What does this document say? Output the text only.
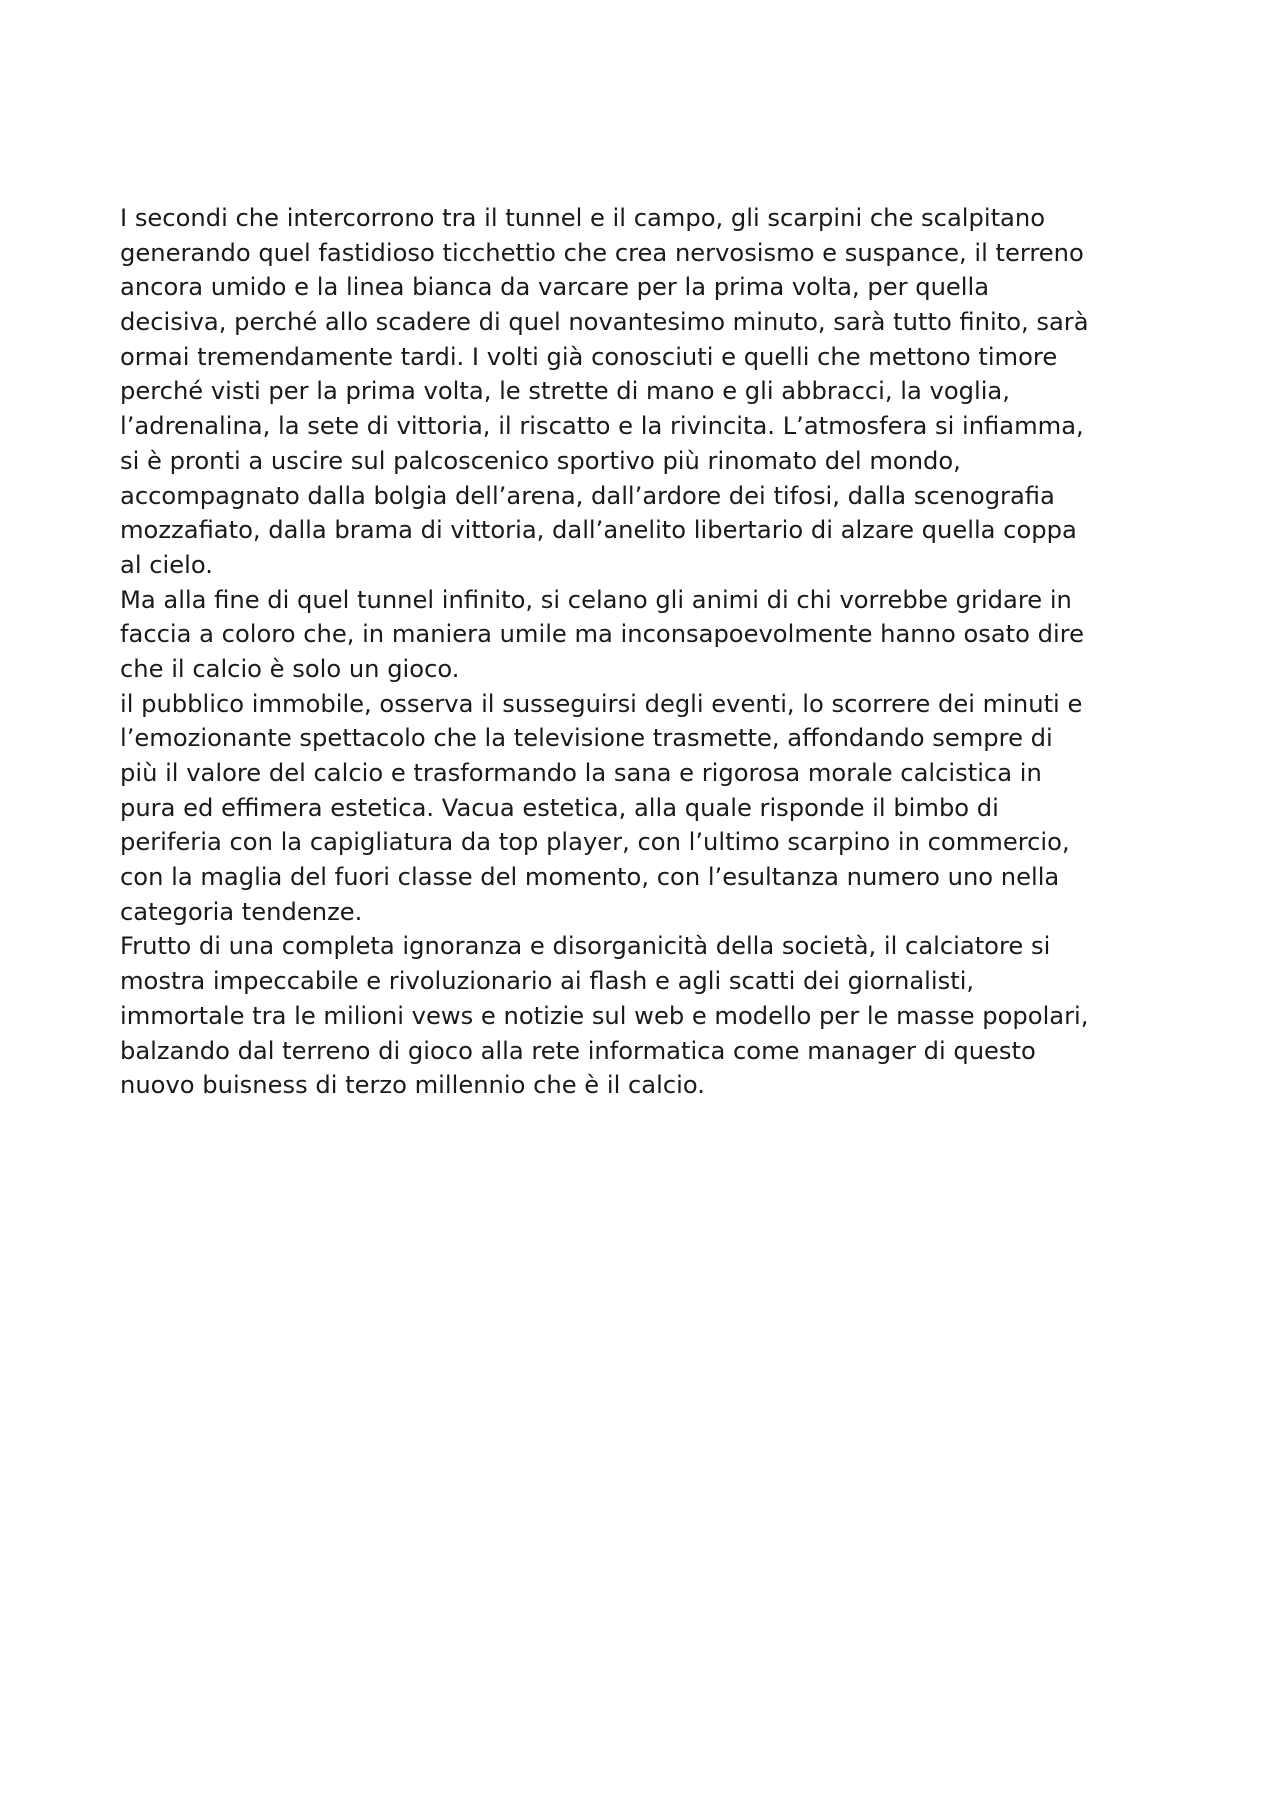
I secondi che intercorrono tra il tunnel e il campo, gli scarpini che scalpitano
generando quel fastidioso ticchettio che crea nervosismo e suspance, il terreno
ancora umido e la linea bianca da varcare per la prima volta, per quella
decisiva, perché allo scadere di quel novantesimo minuto, sarà tutto finito, sarà
ormai tremendamente tardi. I volti già conosciuti e quelli che mettono timore
perché visti per la prima volta, le strette di mano e gli abbracci, la voglia,
l’adrenalina, la sete di vittoria, il riscatto e la rivincita. L’atmosfera si infiamma,
si è pronti a uscire sul palcoscenico sportivo più rinomato del mondo,
accompagnato dalla bolgia dell’arena, dall’ardore dei tifosi, dalla scenografia
mozzafiato, dalla brama di vittoria, dall’anelito libertario di alzare quella coppa
al cielo.
Ma alla fine di quel tunnel infinito, si celano gli animi di chi vorrebbe gridare in
faccia a coloro che, in maniera umile ma inconsapoevolmente hanno osato dire
che il calcio è solo un gioco.
il pubblico immobile, osserva il susseguirsi degli eventi, lo scorrere dei minuti e
l’emozionante spettacolo che la televisione trasmette, affondando sempre di
più il valore del calcio e trasformando la sana e rigorosa morale calcistica in
pura ed effimera estetica. Vacua estetica, alla quale risponde il bimbo di
periferia con la capigliatura da top player, con l’ultimo scarpino in commercio,
con la maglia del fuori classe del momento, con l’esultanza numero uno nella
categoria tendenze.
Frutto di una completa ignoranza e disorganicità della società, il calciatore si
mostra impeccabile e rivoluzionario ai flash e agli scatti dei giornalisti,
immortale tra le milioni vews e notizie sul web e modello per le masse popolari,
balzando dal terreno di gioco alla rete informatica come manager di questo
nuovo buisness di terzo millennio che è il calcio.
